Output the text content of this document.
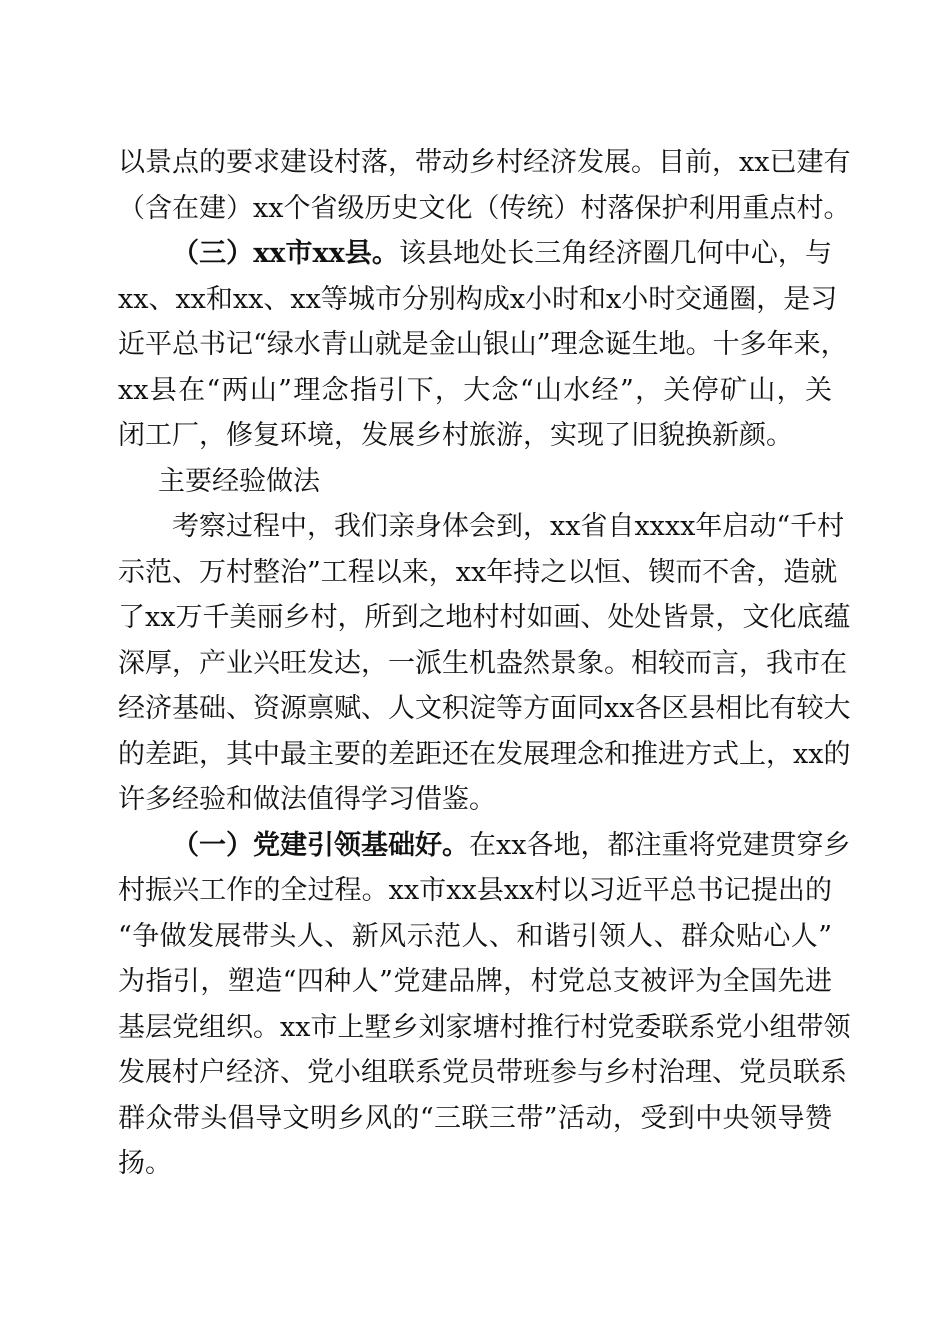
以景点的要求建设村落，带动乡村经济发展。目前，xx已建有
（含在建）xx个省级历史文化（传统）村落保护利用重点村。
（三）xx市xx县。该县地处长三角经济圈几何中心，与
xx、xx和xx、xx等城市分别构成x小时和x小时交通圈，是习
近平总书记“绿水青山就是金山银山”理念诞生地。十多年来，
xx县在“两山”理念指引下，大念“山水经”，关停矿山，关
闭工厂，修复环境，发展乡村旅游，实现了旧貌换新颜。
主要经验做法
考察过程中，我们亲身体会到，xx省自xxxx年启动“千村
示范、万村整治”工程以来，xx年持之以恒、锲而不舍，造就
了xx万千美丽乡村，所到之地村村如画、处处皆景，文化底蕴
深厚，产业兴旺发达，一派生机盎然景象。相较而言，我市在
经济基础、资源禀赋、人文积淀等方面同xx各区县相比有较大
的差距，其中最主要的差距还在发展理念和推进方式上，xx的
许多经验和做法值得学习借鉴。
（一）党建引领基础好。在xx各地，都注重将党建贯穿乡
村振兴工作的全过程。xx市xx县xx村以习近平总书记提出的
“争做发展带头人、新风示范人、和谐引领人、群众贴心人”
为指引，塑造“四种人”党建品牌，村党总支被评为全国先进
基层党组织。xx市上墅乡刘家塘村推行村党委联系党小组带领
发展村户经济、党小组联系党员带班参与乡村治理、党员联系
群众带头倡导文明乡风的“三联三带”活动，受到中央领导赞
扬。
